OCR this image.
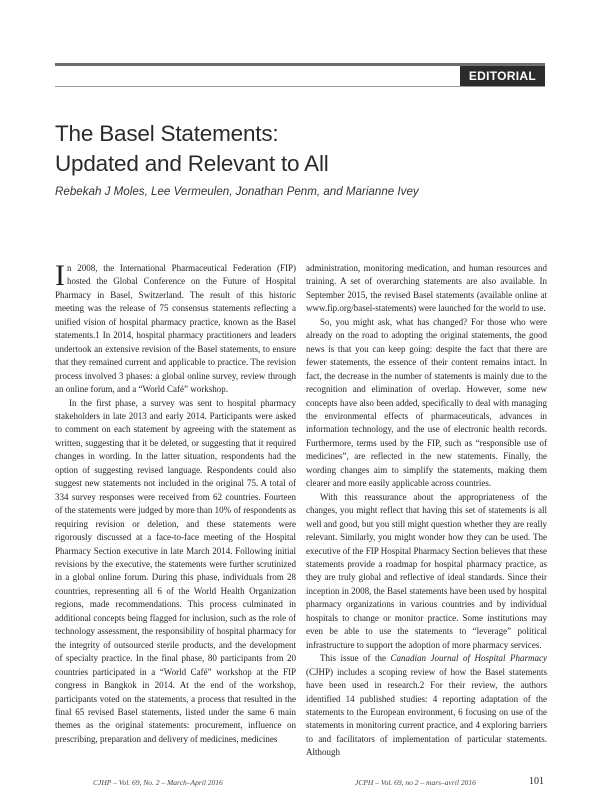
EDITORIAL
The Basel Statements:
Updated and Relevant to All
Rebekah J Moles, Lee Vermeulen, Jonathan Penm, and Marianne Ivey

In 2008, the International Pharmaceutical Federation (FIP) hosted the Global Conference on the Future of Hospital Pharmacy in Basel, Switzerland. The result of this historic meeting was the release of 75 consensus statements reflecting a unified vision of hospital pharmacy practice, known as the Basel statements.1 In 2014, hospital pharmacy practitioners and leaders undertook an extensive revision of the Basel statements, to ensure that they remained current and applicable to practice. The revision process involved 3 phases: a global online survey, review through an online forum, and a “World Café” workshop.

In the first phase, a survey was sent to hospital pharmacy stakeholders in late 2013 and early 2014. Participants were asked to comment on each statement by agreeing with the statement as written, suggesting that it be deleted, or suggesting that it required changes in wording. In the latter situation, respondents had the option of suggesting revised language. Respondents could also suggest new statements not included in the original 75. A total of 334 survey responses were received from 62 countries. Fourteen of the statements were judged by more than 10% of respondents as requiring revision or deletion, and these statements were rigorously discussed at a face-to-face meeting of the Hospital Pharmacy Section executive in late March 2014. Following initial revisions by the executive, the statements were further scrutinized in a global online forum. During this phase, individuals from 28 countries, representing all 6 of the World Health Organization regions, made recommendations. This process culminated in additional concepts being flagged for inclusion, such as the role of technology assessment, the responsibility of hospital pharmacy for the integrity of outsourced sterile products, and the development of specialty practice. In the final phase, 80 participants from 20 countries participated in a “World Café” workshop at the FIP congress in Bangkok in 2014. At the end of the workshop, participants voted on the statements, a process that resulted in the final 65 revised Basel statements, listed under the same 6 main themes as the original statements: procurement, influence on prescribing, preparation and delivery of medicines, medicines

administration, monitoring medication, and human resources and training. A set of overarching statements are also available. In September 2015, the revised Basel statements (available online at www.fip.org/basel-statements) were launched for the world to use.

So, you might ask, what has changed? For those who were already on the road to adopting the original statements, the good news is that you can keep going: despite the fact that there are fewer statements, the essence of their content remains intact. In fact, the decrease in the number of statements is mainly due to the recognition and elimination of overlap. However, some new concepts have also been added, specifically to deal with managing the environmental effects of pharmaceuticals, advances in information technology, and the use of electronic health records. Furthermore, terms used by the FIP, such as “responsible use of medicines”, are reflected in the new statements. Finally, the wording changes aim to simplify the statements, making them clearer and more easily applicable across countries.

With this reassurance about the appropriateness of the changes, you might reflect that having this set of statements is all well and good, but you still might question whether they are really relevant. Similarly, you might wonder how they can be used. The executive of the FIP Hospital Pharmacy Section believes that these statements provide a roadmap for hospital pharmacy practice, as they are truly global and reflective of ideal standards. Since their inception in 2008, the Basel statements have been used by hospital pharmacy organizations in various countries and by individual hospitals to change or monitor practice. Some institutions may even be able to use the statements to “leverage” political infrastructure to support the adoption of more pharmacy services.

This issue of the Canadian Journal of Hospital Pharmacy (CJHP) includes a scoping review of how the Basel statements have been used in research.2 For their review, the authors identified 14 published studies: 4 reporting adaptation of the statements to the European environment, 6 focusing on use of the statements in monitoring current practice, and 4 exploring barriers to and facilitators of implementation of particular statements. Although

CJHP – Vol. 69, No. 2 – March–April 2016	JCPH – Vol. 69, no 2 – mars–avril 2016	101
